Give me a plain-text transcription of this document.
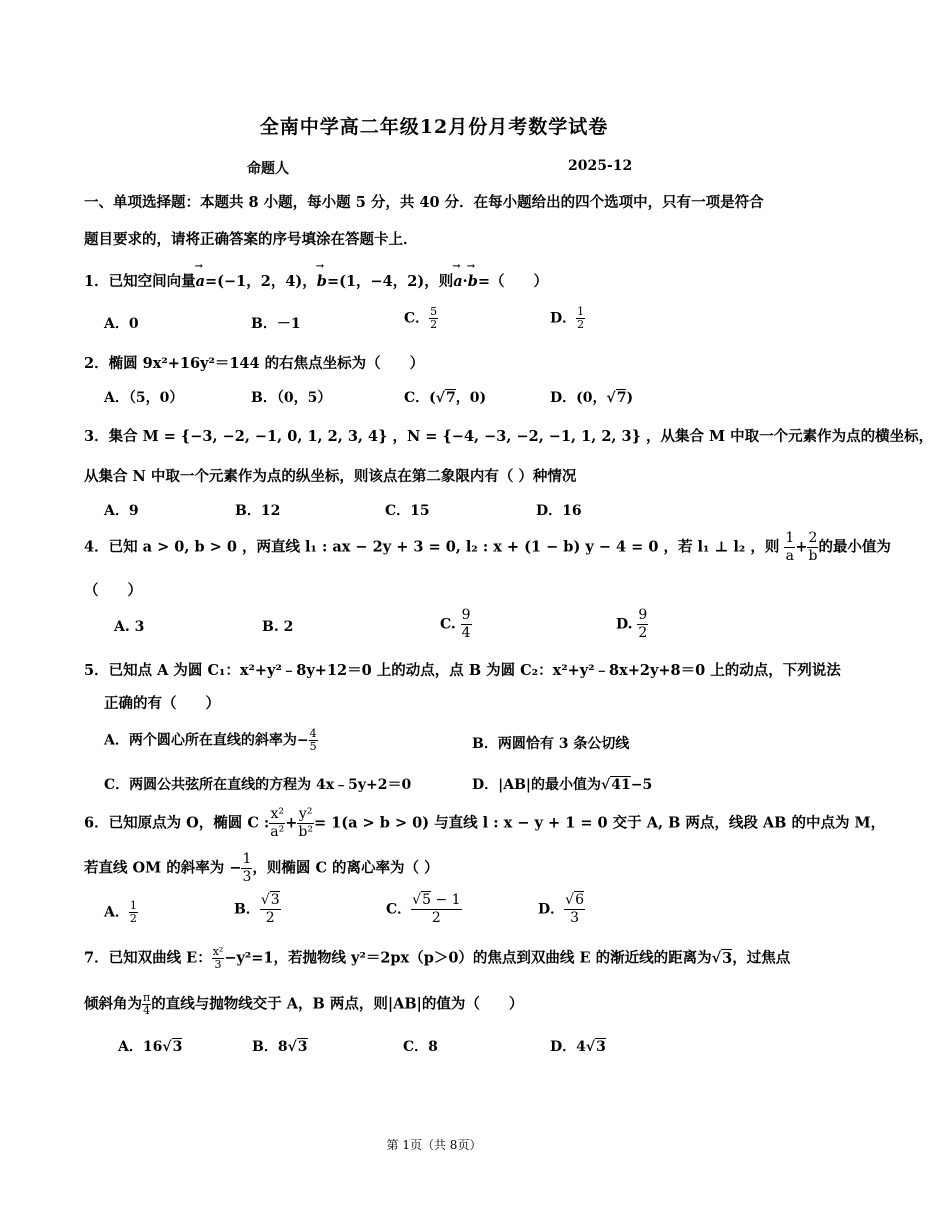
全南中学高二年级12月份月考数学试卷
命题人	2025-12
一、单项选择题：本题共 8 小题，每小题 5 分，共 40 分．在每小题给出的四个选项中，只有一项是符合
题目要求的，请将正确答案的序号填涂在答题卡上．
1．已知空间向量→ a=(−1，2，4)，→ b=(1，−4，2)，则→ a·→ b=（　　）
A．0	B．－1	C． $\frac{5}{2}$	D． $\frac{1}{2}$
2．椭圆 9x²+16y²＝144 的右焦点坐标为（　　）
A．（5，0）	B．（0，5）	C．(√7，0)	D．(0，√7)
3．集合 M = {−3, −2, −1, 0, 1, 2, 3, 4} ，N = {−4, −3, −2, −1, 1, 2, 3} ，从集合 M 中取一个元素作为点的横坐标，
从集合 N 中取一个元素作为点的纵坐标，则该点在第二象限内有（ ）种情况
A．9	B．12	C．15	D．16
4．已知 a > 0, b > 0 ，两直线 l₁ : ax − 2y + 3 = 0, l₂ : x + (1 − b) y − 4 = 0 ，若 l₁ ⊥ l₂ ，则 $\frac{1}{a} + \frac{2}{b}$ 的最小值为
（　　）
A. 3	B. 2	C. $\frac{9}{4}$	D. $\frac{9}{2}$
5．已知点 A 为圆 C₁：x²+y²﹣8y+12＝0 上的动点，点 B 为圆 C₂：x²+y²﹣8x+2y+8＝0 上的动点，下列说法
正确的有（　　）
A．两个圆心所在直线的斜率为− $\frac{4}{5}$	B．两圆恰有 3 条公切线
C．两圆公共弦所在直线的方程为 4x﹣5y+2＝0	D．|AB|的最小值为√41−5
6．已知原点为 O，椭圆 C : $\frac{\text{x²}}{\text{a²}} + \frac{\text{y²}}{\text{b²}} = 1(a > b > 0)$ 与直线 l : x − y + 1 = 0 交于 A, B 两点，线段 AB 的中点为 M，
若直线 OM 的斜率为 − $\frac{1}{3}$ ，则椭圆 C 的离心率为（ ）
A． $\frac{1}{2}$	B． $\frac{√3}{2}$	C． $\frac{√5 - 1}{2}$	D． $\frac{√6}{3}$
7．已知双曲线 E： $\frac{\text{x²}}{3} -y^2=1$，若抛物线 y²＝2px（p＞0）的焦点到双曲线 E 的渐近线的距离为√3，过焦点
倾斜角为 $\frac{\pi}{4}$ 的直线与抛物线交于 A，B 两点，则|AB|的值为（　　）
A．16√3	B．8√3	C．8	D．4√3
第 1页（共 8页）
